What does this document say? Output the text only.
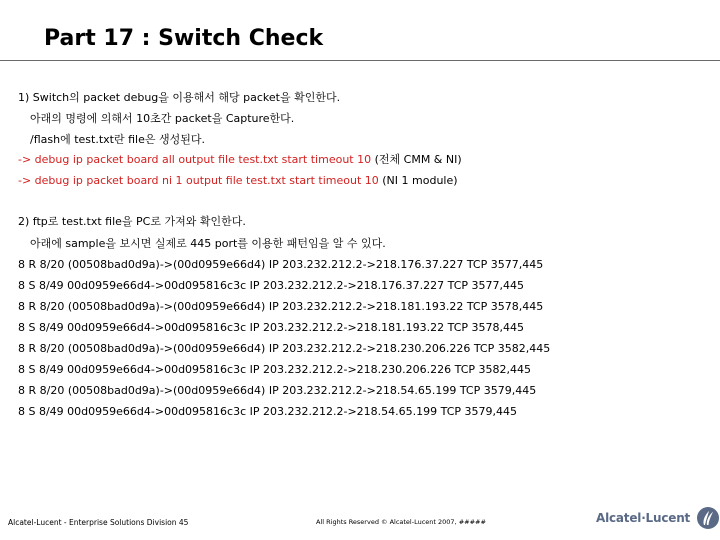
Part 17 : Switch Check
1) Switch의 packet debug을 이용해서 해당 packet을 확인한다.
아래의 명령에 의해서 10초간 packet을 Capture한다.
/flash에 test.txt란 file은 생성된다.
-> debug ip packet board all output file test.txt start timeout 10 (전체 CMM & NI)
-> debug ip packet board ni 1 output file test.txt start timeout 10 (NI 1 module)
2) ftp로 test.txt file을 PC로 가져와 확인한다.
아래에 sample을 보시면 실제로 445 port를 이용한 패턴임을 알 수 있다.
8 R 8/20 (00508bad0d9a)->(00d0959e66d4) IP 203.232.212.2->218.176.37.227 TCP 3577,445
8 S 8/49 00d0959e66d4->00d095816c3c IP 203.232.212.2->218.176.37.227 TCP 3577,445
8 R 8/20 (00508bad0d9a)->(00d0959e66d4) IP 203.232.212.2->218.181.193.22 TCP 3578,445
8 S 8/49 00d0959e66d4->00d095816c3c IP 203.232.212.2->218.181.193.22 TCP 3578,445
8 R 8/20 (00508bad0d9a)->(00d0959e66d4) IP 203.232.212.2->218.230.206.226 TCP 3582,445
8 S 8/49 00d0959e66d4->00d095816c3c IP 203.232.212.2->218.230.206.226 TCP 3582,445
8 R 8/20 (00508bad0d9a)->(00d0959e66d4) IP 203.232.212.2->218.54.65.199 TCP 3579,445
8 S 8/49 00d0959e66d4->00d095816c3c IP 203.232.212.2->218.54.65.199 TCP 3579,445
Alcatel-Lucent - Enterprise Solutions Division 45	All Rights Reserved © Alcatel-Lucent 2007, #####	Alcatel·Lucent
